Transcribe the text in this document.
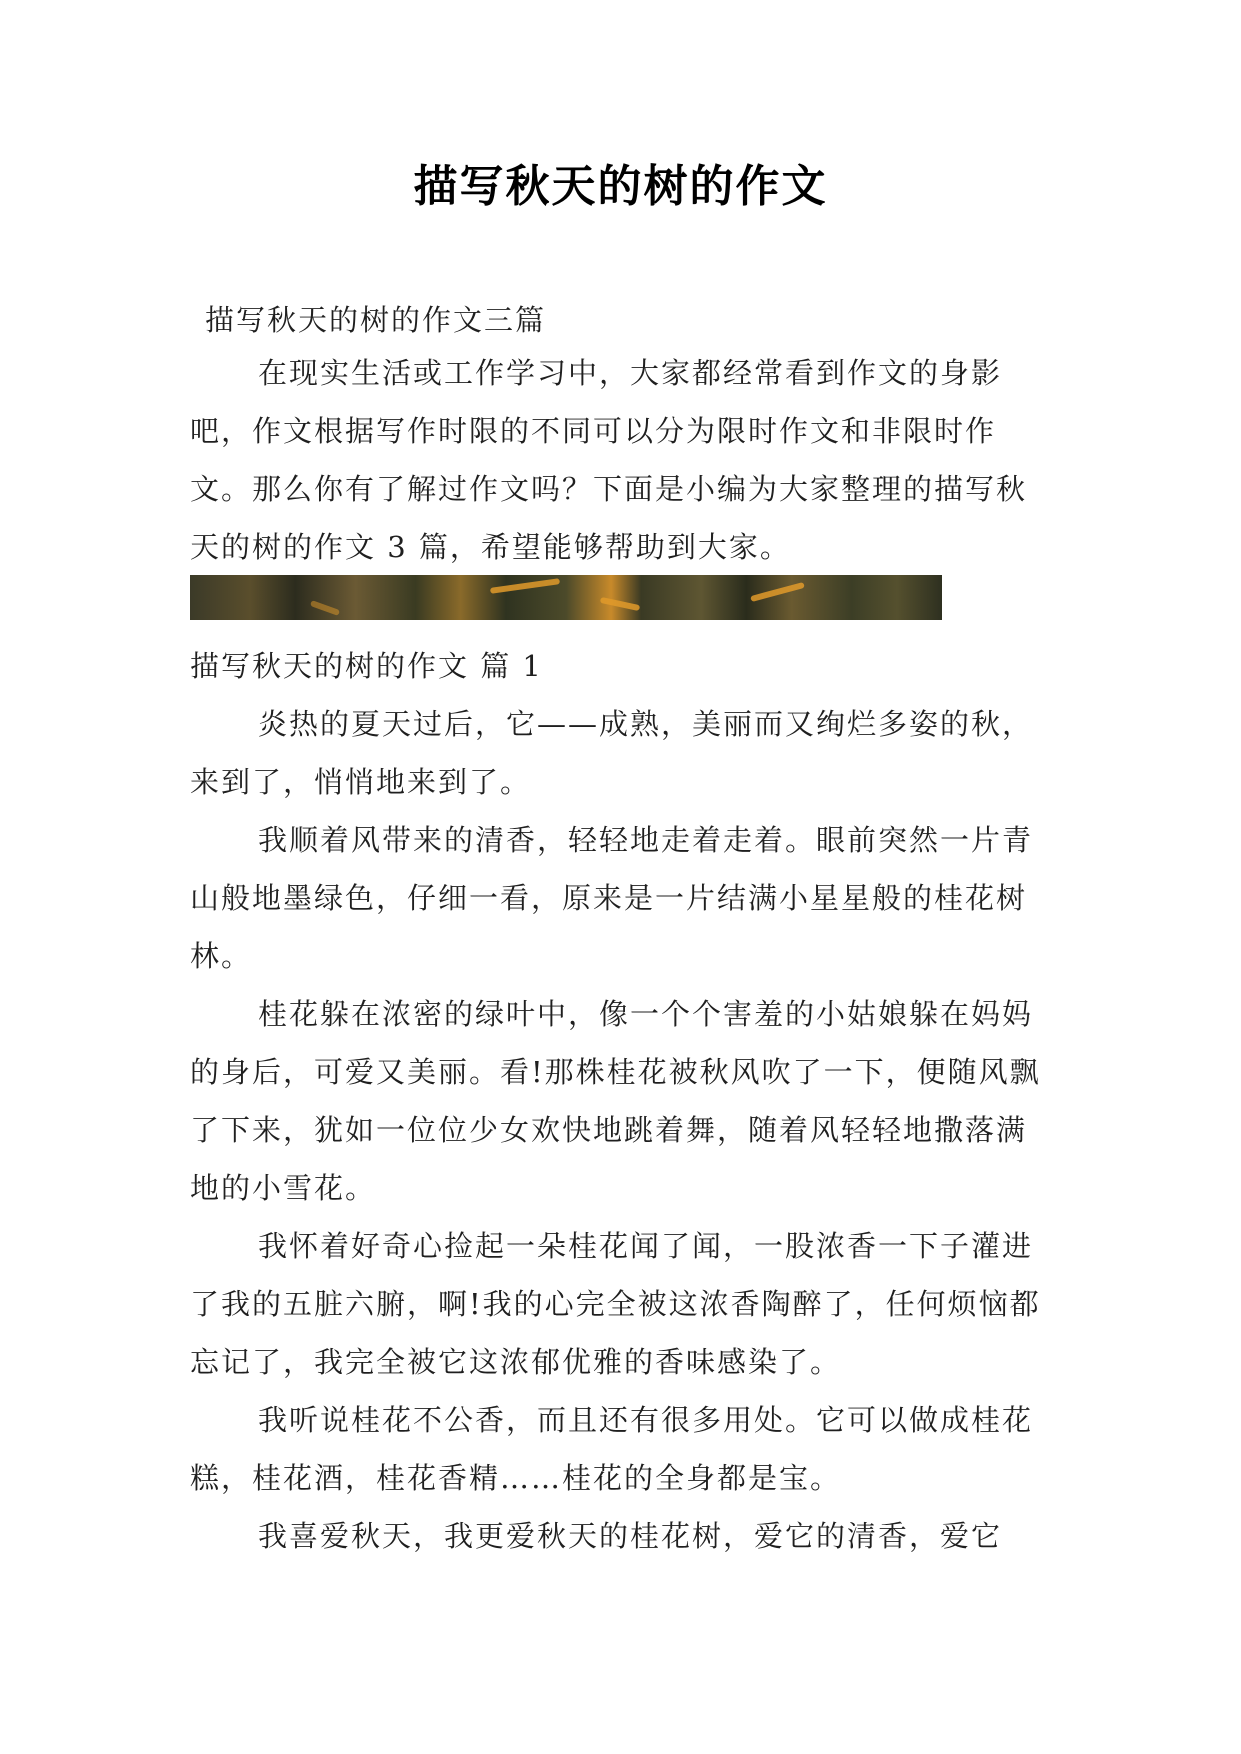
描写秋天的树的作文
描写秋天的树的作文三篇
在现实生活或工作学习中，大家都经常看到作文的身影吧，作文根据写作时限的不同可以分为限时作文和非限时作文。那么你有了解过作文吗？下面是小编为大家整理的描写秋天的树的作文 3 篇，希望能够帮助到大家。
描写秋天的树的作文 篇 1

炎热的夏天过后，它——成熟，美丽而又绚烂多姿的秋，来到了，悄悄地来到了。

我顺着风带来的清香，轻轻地走着走着。眼前突然一片青山般地墨绿色，仔细一看，原来是一片结满小星星般的桂花树林。

桂花躲在浓密的绿叶中，像一个个害羞的小姑娘躲在妈妈的身后，可爱又美丽。看!那株桂花被秋风吹了一下，便随风飘了下来，犹如一位位少女欢快地跳着舞，随着风轻轻地撒落满地的小雪花。

我怀着好奇心捡起一朵桂花闻了闻，一股浓香一下子灌进了我的五脏六腑，啊!我的心完全被这浓香陶醉了，任何烦恼都忘记了，我完全被它这浓郁优雅的香味感染了。

我听说桂花不公香，而且还有很多用处。它可以做成桂花糕，桂花酒，桂花香精……桂花的全身都是宝。

我喜爱秋天，我更爱秋天的桂花树，爱它的清香，爱它
